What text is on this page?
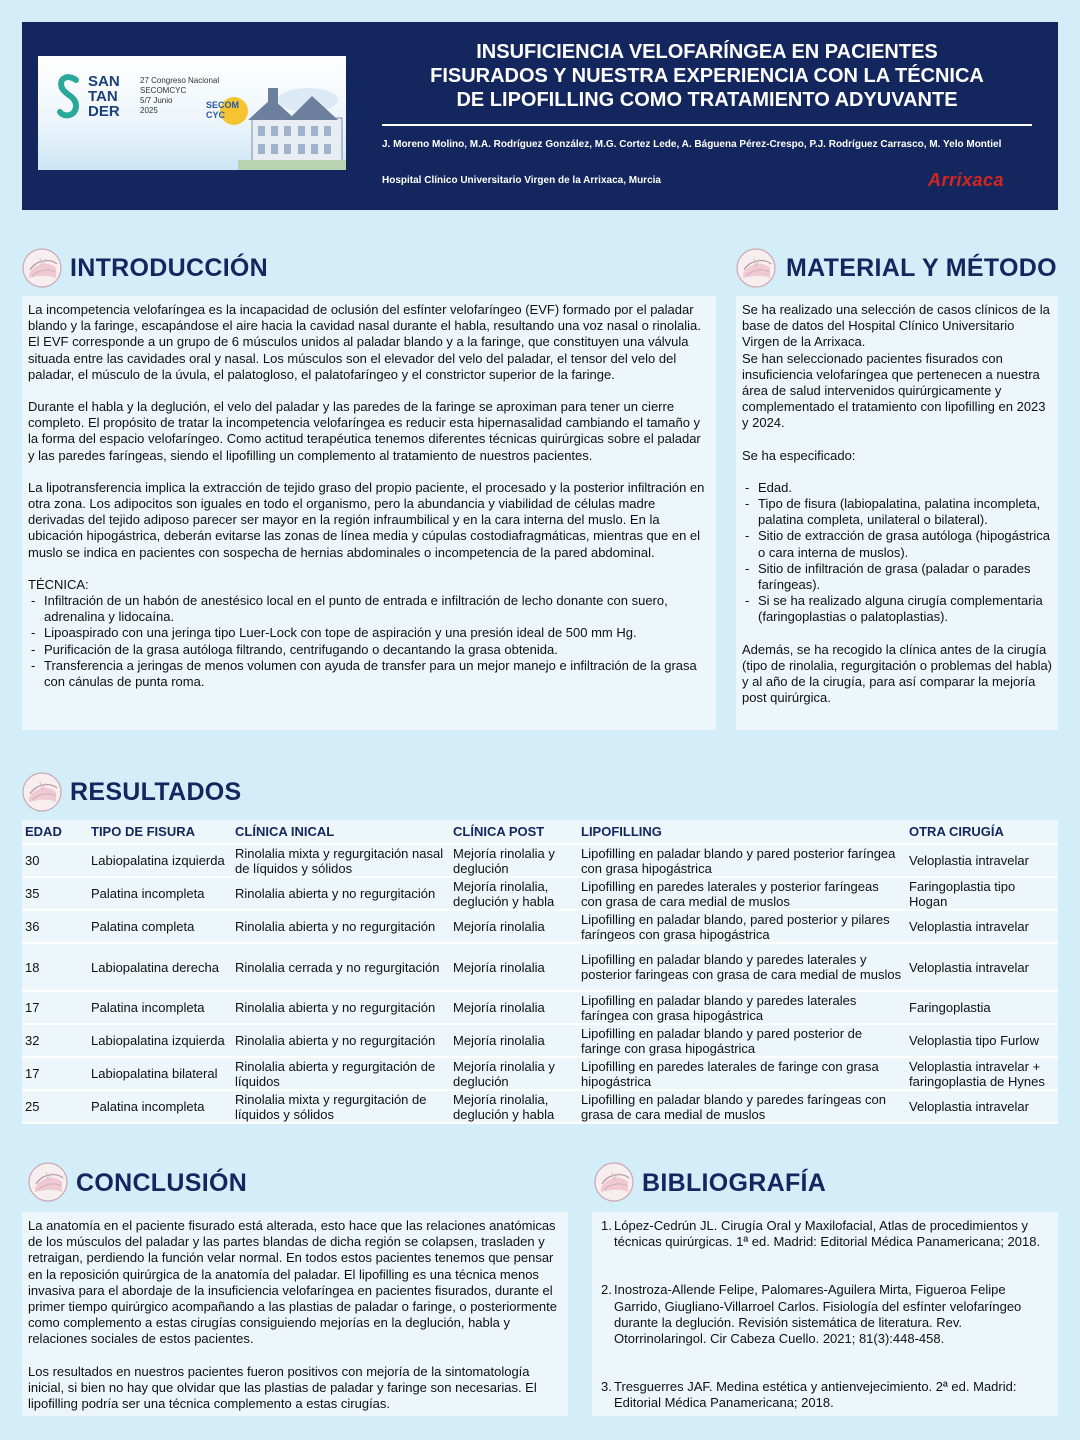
SAN
TAN
DER
27 Congreso Nacional
SECOMCYC
5/7 Junio
2025
SECOM
CYC
INSUFICIENCIA VELOFARÍNGEA EN PACIENTES
FISURADOS Y NUESTRA EXPERIENCIA CON LA TÉCNICA
DE LIPOFILLING COMO TRATAMIENTO ADYUVANTE
J. Moreno Molino, M.A. Rodríguez González, M.G. Cortez Lede, A. Báguena Pérez-Crespo, P.J. Rodríguez Carrasco, M. Yelo Montiel
Hospital Clínico Universitario Virgen de la Arrixaca, Murcia	Arrixaca
INTRODUCCIÓN

La incompetencia velofaríngea es la incapacidad de oclusión del esfínter velofaríngeo (EVF) formado por el paladar blando y la faringe, escapándose el aire hacia la cavidad nasal durante el habla, resultando una voz nasal o rinolalia. El EVF corresponde a un grupo de 6 músculos unidos al paladar blando y a la faringe, que constituyen una válvula situada entre las cavidades oral y nasal. Los músculos son el elevador del velo del paladar, el tensor del velo del paladar, el músculo de la úvula, el palatogloso, el palatofaríngeo y el constrictor superior de la faringe.

Durante el habla y la deglución, el velo del paladar y las paredes de la faringe se aproximan para tener un cierre completo. El propósito de tratar la incompetencia velofaríngea es reducir esta hipernasalidad cambiando el tamaño y la forma del espacio velofaríngeo. Como actitud terapéutica tenemos diferentes técnicas quirúrgicas sobre el paladar y las paredes faríngeas, siendo el lipofilling un complemento al tratamiento de nuestros pacientes.

La lipotransferencia implica la extracción de tejido graso del propio paciente, el procesado y la posterior infiltración en otra zona. Los adipocitos son iguales en todo el organismo, pero la abundancia y viabilidad de células madre derivadas del tejido adiposo parecer ser mayor en la región infraumbilical y en la cara interna del muslo. En la ubicación hipogástrica, deberán evitarse las zonas de línea media y cúpulas costodiafragmáticas, mientras que en el muslo se indica en pacientes con sospecha de hernias abdominales o incompetencia de la pared abdominal.

TÉCNICA:
- Infiltración de un habón de anestésico local en el punto de entrada e infiltración de lecho donante con suero, adrenalina y lidocaína.
- Lipoaspirado con una jeringa tipo Luer-Lock con tope de aspiración y una presión ideal de 500 mm Hg.
- Purificación de la grasa autóloga filtrando, centrifugando o decantando la grasa obtenida.
- Transferencia a jeringas de menos volumen con ayuda de transfer para un mejor manejo e infiltración de la grasa con cánulas de punta roma.
MATERIAL Y MÉTODO
Se ha realizado una selección de casos clínicos de la base de datos del Hospital Clínico Universitario Virgen de la Arrixaca.

Se han seleccionado pacientes fisurados con insuficiencia velofaríngea que pertenecen a nuestra área de salud intervenidos quirúrgicamente y complementado el tratamiento con lipofilling en 2023 y 2024.

Se ha especificado:

- Edad.
- Tipo de fisura (labiopalatina, palatina incompleta, palatina completa, unilateral o bilateral).
- Sitio de extracción de grasa autóloga (hipogástrica o cara interna de muslos).
- Sitio de infiltración de grasa (paladar o parades faríngeas).
- Si se ha realizado alguna cirugía complementaria (faringoplastias o palatoplastias).

Además, se ha recogido la clínica antes de la cirugía (tipo de rinolalia, regurgitación o problemas del habla) y al año de la cirugía, para así comparar la mejoría post quirúrgica.

RESULTADOS
EDAD	TIPO DE FISURA	CLÍNICA INICAL	CLÍNICA POST	LIPOFILLING	OTRA CIRUGÍA
30	Labiopalatina izquierda	Rinolalia mixta y regurgitación nasal de líquidos y sólidos	Mejoría rinolalia y deglución	Lipofilling en paladar blando y pared posterior faríngea con grasa hipogástrica	Veloplastia intravelar
35	Palatina incompleta	Rinolalia abierta y no regurgitación	Mejoría rinolalia, deglución y habla	Lipofilling en paredes laterales y posterior faríngeas con grasa de cara medial de muslos	Faringoplastia tipo Hogan
36	Palatina completa	Rinolalia abierta y no regurgitación	Mejoría rinolalia	Lipofilling en paladar blando, pared posterior y pilares faríngeos con grasa hipogástrica	Veloplastia intravelar
18	Labiopalatina derecha	Rinolalia cerrada y no regurgitación	Mejoría rinolalia	Lipofilling en paladar blando y paredes laterales y posterior faringeas con grasa de cara medial de muslos	Veloplastia intravelar
17	Palatina incompleta	Rinolalia abierta y no regurgitación	Mejoría rinolalia	Lipofilling en paladar blando y paredes laterales faríngea con grasa hipogástrica	Faringoplastia
32	Labiopalatina izquierda	Rinolalia abierta y no regurgitación	Mejoría rinolalia	Lipofilling en paladar blando y pared posterior de faringe con grasa hipogástrica	Veloplastia tipo Furlow
17	Labiopalatina bilateral	Rinolalia abierta y regurgitación de líquidos	Mejoría rinolalia y deglución	Lipofilling en paredes laterales de faringe con grasa hipogástrica	Veloplastia intravelar + faringoplastia de Hynes
25	Palatina incompleta	Rinolalia mixta y regurgitación de líquidos y sólidos	Mejoría rinolalia, deglución y habla	Lipofilling en paladar blando y paredes faríngeas con grasa de cara medial de muslos	Veloplastia intravelar
CONCLUSIÓN

La anatomía en el paciente fisurado está alterada, esto hace que las relaciones anatómicas de los músculos del paladar y las partes blandas de dicha región se colapsen, trasladen y retraigan, perdiendo la función velar normal. En todos estos pacientes tenemos que pensar en la reposición quirúrgica de la anatomía del paladar. El lipofilling es una técnica menos invasiva para el abordaje de la insuficiencia velofaríngea en pacientes fisurados, durante el primer tiempo quirúrgico acompañando a las plastias de paladar o faringe, o posteriormente como complemento a estas cirugías consiguiendo mejorías en la deglución, habla y relaciones sociales de estos pacientes.

Los resultados en nuestros pacientes fueron positivos con mejoría de la sintomatología inicial, si bien no hay que olvidar que las plastias de paladar y faringe son necesarias. El lipofilling podría ser una técnica complemento a estas cirugías.

BIBLIOGRAFÍA
1. López-Cedrún JL. Cirugía Oral y Maxilofacial, Atlas de procedimientos y técnicas quirúrgicas. 1ª ed. Madrid: Editorial Médica Panamericana; 2018.
2. Inostroza-Allende Felipe, Palomares-Aguilera Mirta, Figueroa Felipe Garrido, Giugliano-Villarroel Carlos. Fisiología del esfínter velofaríngeo durante la deglución. Revisión sistemática de literatura. Rev. Otorrinolaringol. Cir Cabeza Cuello. 2021; 81(3):448-458.
3. Tresguerres JAF. Medina estética y antienvejecimiento. 2ª ed. Madrid: Editorial Médica Panamericana; 2018.
